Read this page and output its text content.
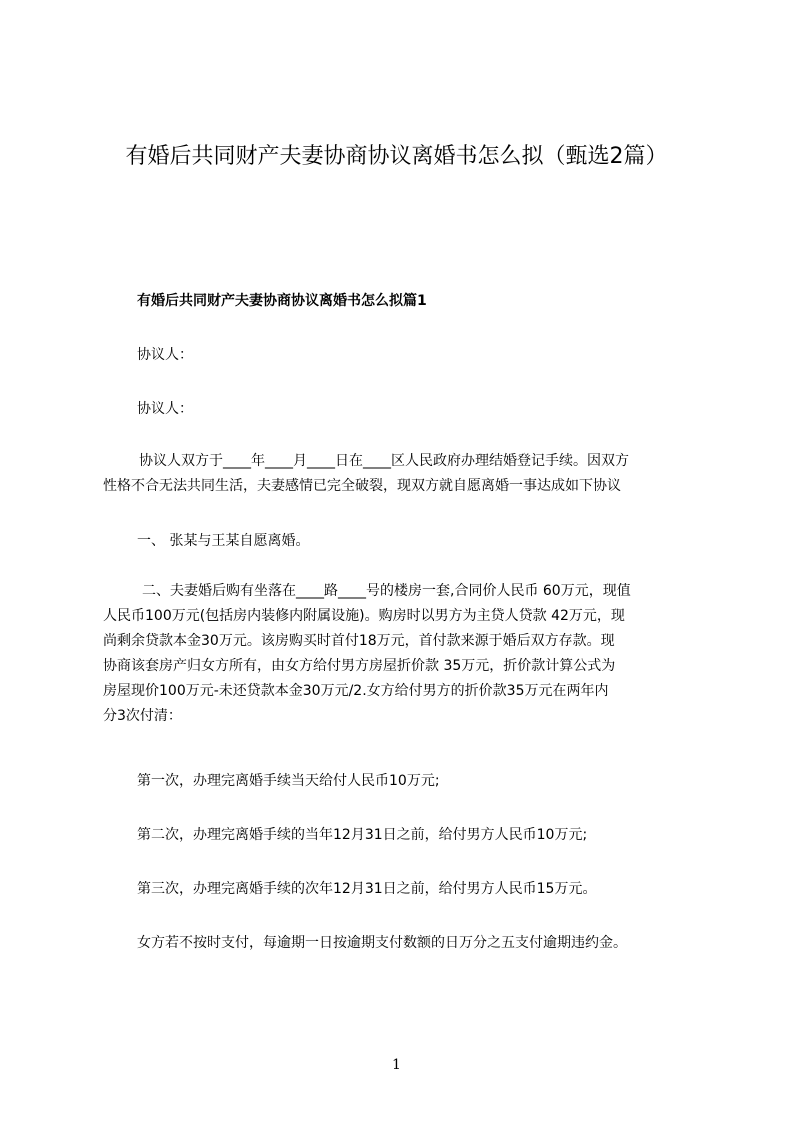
有婚后共同财产夫妻协商协议离婚书怎么拟（甄选2篇）
有婚后共同财产夫妻协商协议离婚书怎么拟篇1
协议人：
协议人：
协议人双方于____年____月____日在____区人民政府办理结婚登记手续。因双方
性格不合无法共同生活，夫妻感情已完全破裂，现双方就自愿离婚一事达成如下协议
一、 张某与王某自愿离婚。
二、夫妻婚后购有坐落在____路____号的楼房一套,合同价人民币 60万元，现值
人民币100万元(包括房内装修内附属设施)。购房时以男方为主贷人贷款 42万元，现
尚剩余贷款本金30万元。该房购买时首付18万元，首付款来源于婚后双方存款。现
协商该套房产归女方所有，由女方给付男方房屋折价款 35万元，折价款计算公式为
房屋现价100万元-未还贷款本金30万元/2.女方给付男方的折价款35万元在两年内
分3次付清：
第一次，办理完离婚手续当天给付人民币10万元;
第二次，办理完离婚手续的当年12月31日之前，给付男方人民币10万元;
第三次，办理完离婚手续的次年12月31日之前，给付男方人民币15万元。
女方若不按时支付，每逾期一日按逾期支付数额的日万分之五支付逾期违约金。
1
